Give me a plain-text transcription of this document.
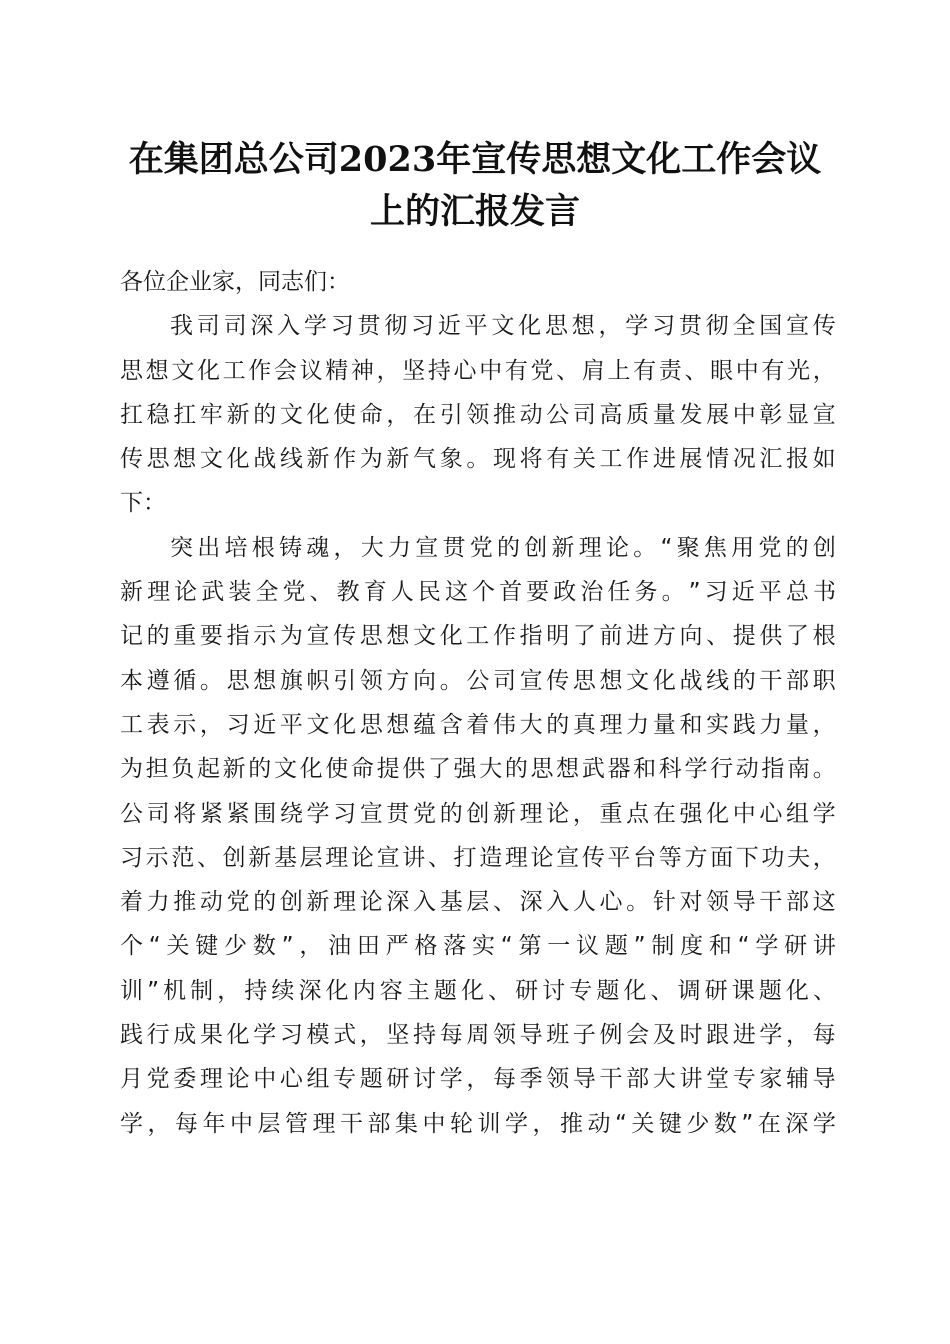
在集团总公司2023年宣传思想文化工作会议
上的汇报发言
各位企业家，同志们：
我 司 司 深 入 学 习 贯 彻 习 近 平 文 化 思 想 ， 学 习 贯 彻 全 国 宣 传
思 想 文 化 工 作 会 议 精 神 ， 坚 持 心 中 有 党 、 肩 上 有 责 、 眼 中 有 光 ，
扛 稳 扛 牢 新 的 文 化 使 命 ， 在 引 领 推 动 公 司 高 质 量 发 展 中 彰 显 宣
传 思 想 文 化 战 线 新 作 为 新 气 象 。 现 将 有 关 工 作 进 展 情 况 汇 报 如
下：
突 出 培 根 铸 魂 ， 大 力 宣 贯 党 的 创 新 理 论 。 “ 聚 焦 用 党 的 创
新 理 论 武 装 全 党 、 教 育 人 民 这 个 首 要 政 治 任 务 。 ” 习 近 平 总 书
记 的 重 要 指 示 为 宣 传 思 想 文 化 工 作 指 明 了 前 进 方 向 、 提 供 了 根
本 遵 循 。 思 想 旗 帜 引 领 方 向 。 公 司 宣 传 思 想 文 化 战 线 的 干 部 职
工 表 示 ， 习 近 平 文 化 思 想 蕴 含 着 伟 大 的 真 理 力 量 和 实 践 力 量 ，
为 担 负 起 新 的 文 化 使 命 提 供 了 强 大 的 思 想 武 器 和 科 学 行 动 指 南 。
公 司 将 紧 紧 围 绕 学 习 宣 贯 党 的 创 新 理 论 ， 重 点 在 强 化 中 心 组 学
习 示 范 、 创 新 基 层 理 论 宣 讲 、 打 造 理 论 宣 传 平 台 等 方 面 下 功 夫 ，
着 力 推 动 党 的 创 新 理 论 深 入 基 层 、 深 入 人 心 。 针 对 领 导 干 部 这
个 “ 关 键 少 数 ” ， 油 田 严 格 落 实 “ 第 一 议 题 ” 制 度 和 “ 学 研 讲
训 ” 机 制 ， 持 续 深 化 内 容 主 题 化 、 研 讨 专 题 化 、 调 研 课 题 化 、
践 行 成 果 化 学 习 模 式 ， 坚 持 每 周 领 导 班 子 例 会 及 时 跟 进 学 ， 每
月 党 委 理 论 中 心 组 专 题 研 讨 学 ， 每 季 领 导 干 部 大 讲 堂 专 家 辅 导
学 ， 每 年 中 层 管 理 干 部 集 中 轮 训 学 ， 推 动 “ 关 键 少 数 ” 在 深 学
